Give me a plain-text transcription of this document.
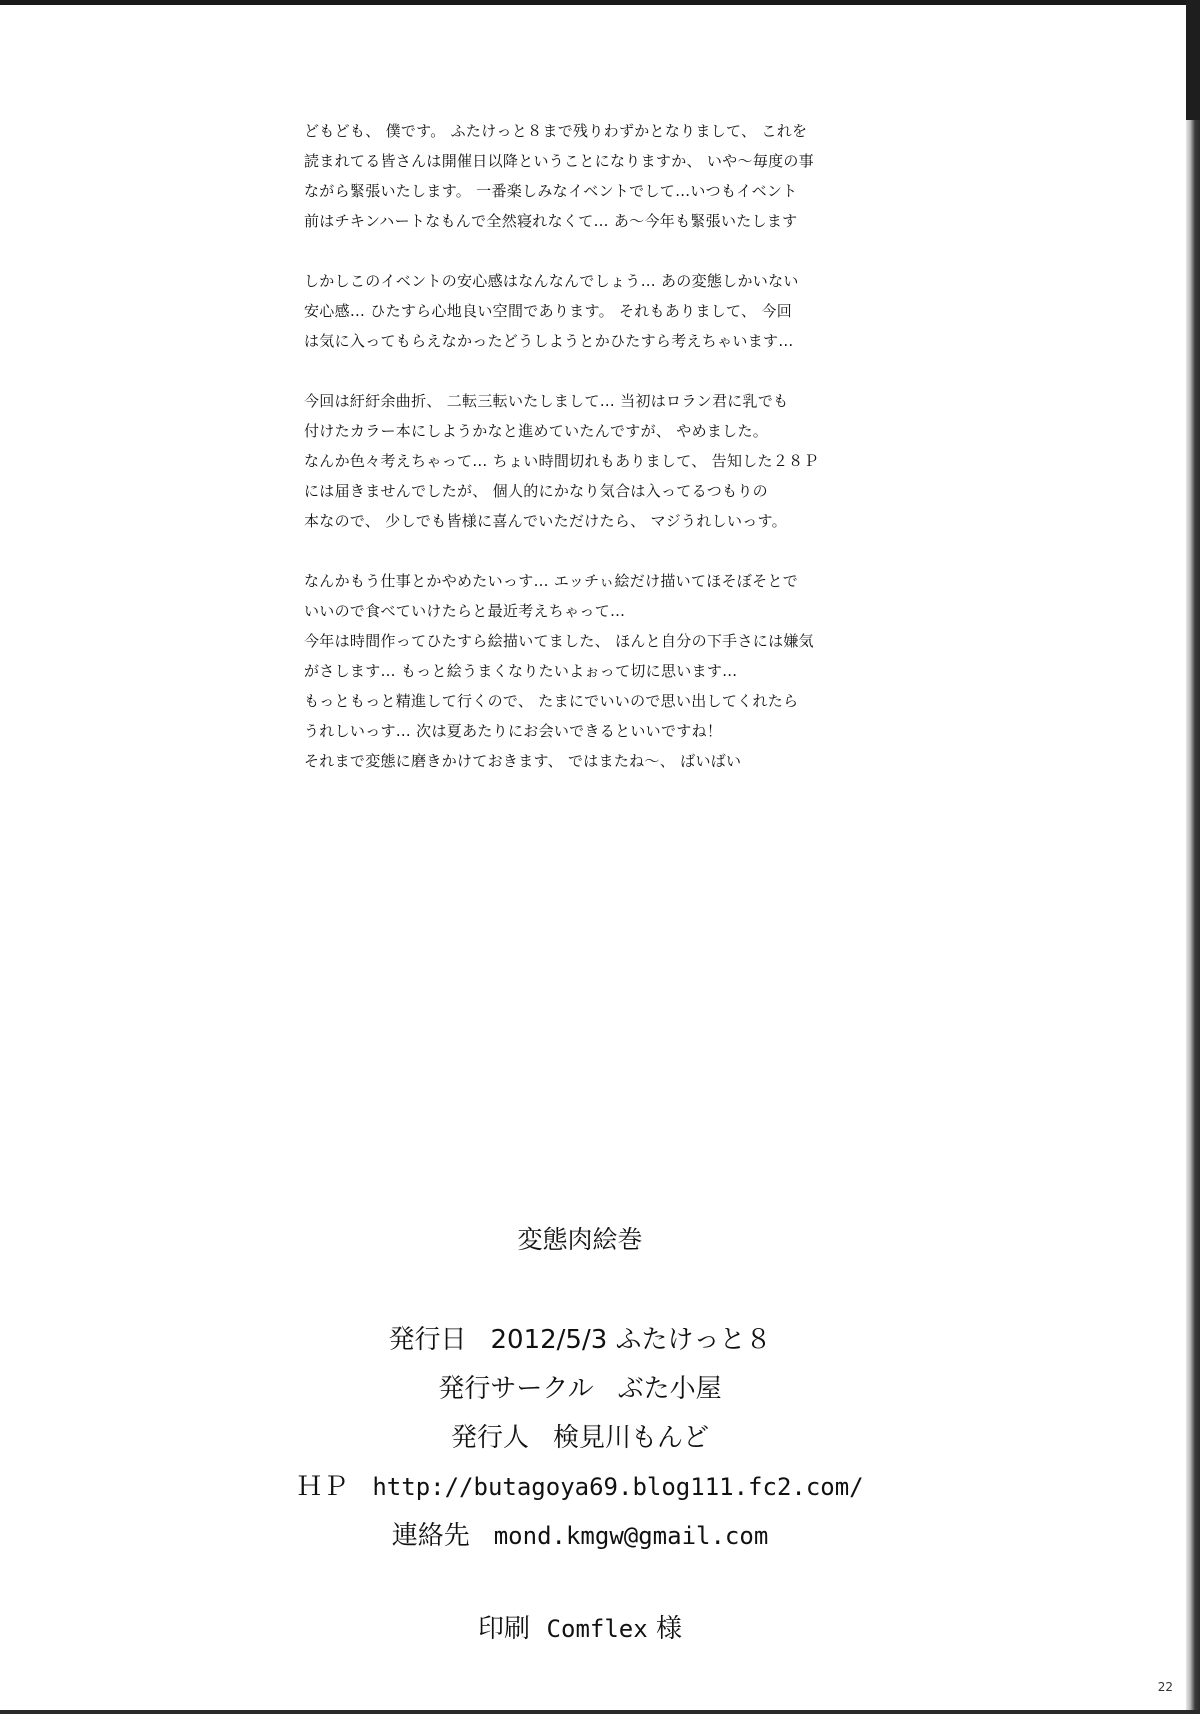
どもども、 僕です。 ふたけっと８まで残りわずかとなりまして、 これを
読まれてる皆さんは開催日以降ということになりますか、 いや～毎度の事
ながら緊張いたします。 一番楽しみなイベントでして…いつもイベント
前はチキンハートなもんで全然寝れなくて… あ～今年も緊張いたします
しかしこのイベントの安心感はなんなんでしょう… あの変態しかいない
安心感… ひたすら心地良い空間であります。 それもありまして、 今回
は気に入ってもらえなかったどうしようとかひたすら考えちゃいます…
今回は紆紆余曲折、 二転三転いたしまして… 当初はロラン君に乳でも
付けたカラー本にしようかなと進めていたんですが、 やめました。
なんか色々考えちゃって… ちょい時間切れもありまして、 告知した２８Ｐ
には届きませんでしたが、 個人的にかなり気合は入ってるつもりの
本なので、 少しでも皆様に喜んでいただけたら、 マジうれしいっす。
なんかもう仕事とかやめたいっす… エッチぃ絵だけ描いてほそぼそとで
いいので食べていけたらと最近考えちゃって…
今年は時間作ってひたすら絵描いてました、 ほんと自分の下手さには嫌気
がさします… もっと絵うまくなりたいよぉって切に思います…
もっともっと精進して行くので、 たまにでいいので思い出してくれたら
うれしいっす… 次は夏あたりにお会いできるといいですね！
それまで変態に磨きかけておきます、 ではまたね～、 ばいばい
変態肉絵巻
発行日 2012/5/3 ふたけっと８
発行サークル ぶた小屋
発行人 検見川もんど
ＨＰ http://butagoya69.blog111.fc2.com/
連絡先 mond.kmgw@gmail.com
印刷 Comflex 様
22
